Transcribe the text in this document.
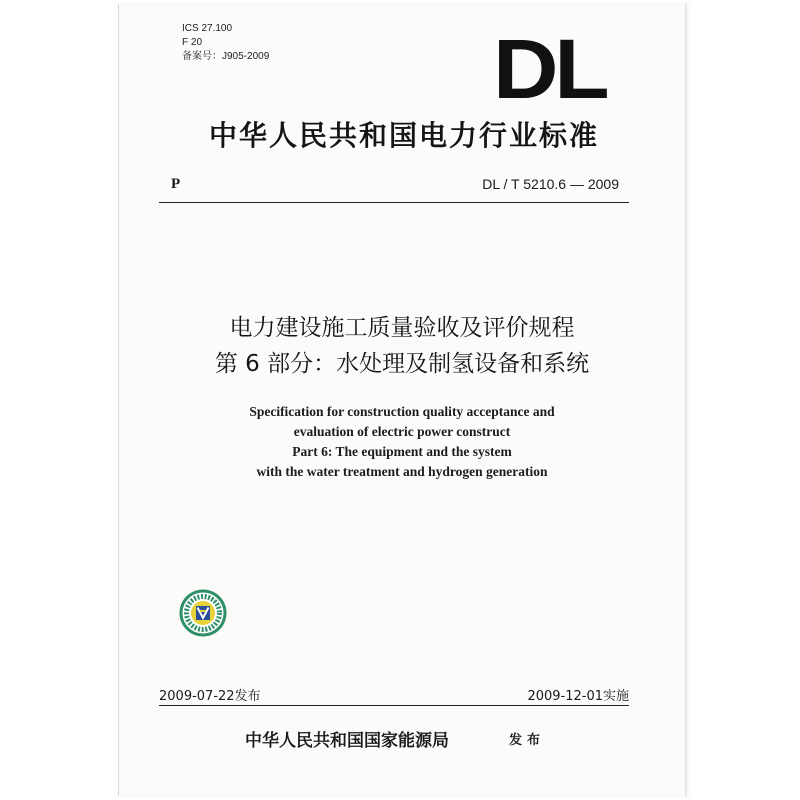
ICS 27.100
F 20
备案号：J905-2009	DL
中华人民共和国电力行业标准
P	DL / T 5210.6 — 2009
电力建设施工质量验收及评价规程
第 6 部分：水处理及制氢设备和系统
Specification for construction quality acceptance and
evaluation of electric power construct
Part 6: The equipment and the system
with the water treatment and hydrogen generation
2009-07-22发布	2009-12-01实施
中华人民共和国国家能源局	发布
